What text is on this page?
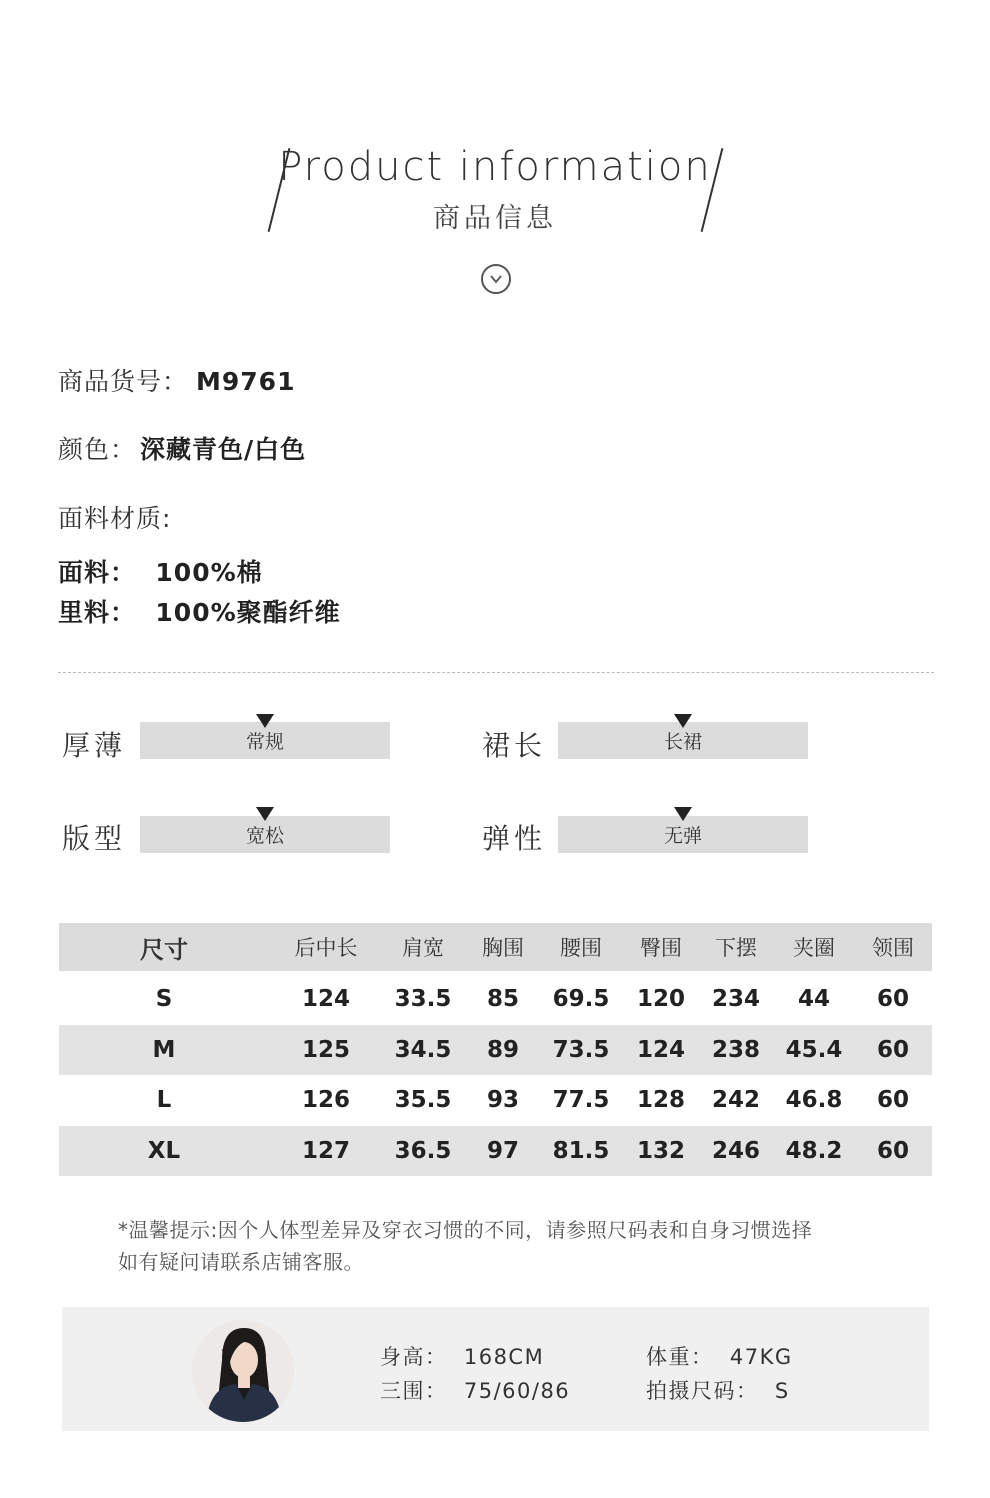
Product information
商品信息
商品货号： M9761
颜色： 深藏青色/白色
面料材质:
面料：  100%棉
里料：  100%聚酯纤维
厚薄	常规	裙长	长裙
版型	宽松	弹性	无弹
尺寸	后中长	肩宽	胸围	腰围	臀围	下摆	夹圈	领围
S	124	33.5	85	69.5	120	234	44	60
M	125	34.5	89	73.5	124	238	45.4	60
L	126	35.5	93	77.5	128	242	46.8	60
XL	127	36.5	97	81.5	132	246	48.2	60
*温馨提示:因个人体型差异及穿衣习惯的不同，请参照尺码表和自身习惯选择
如有疑问请联系店铺客服。
身高：  168CM	体重：  47KG
三围：  75/60/86	拍摄尺码：  S
